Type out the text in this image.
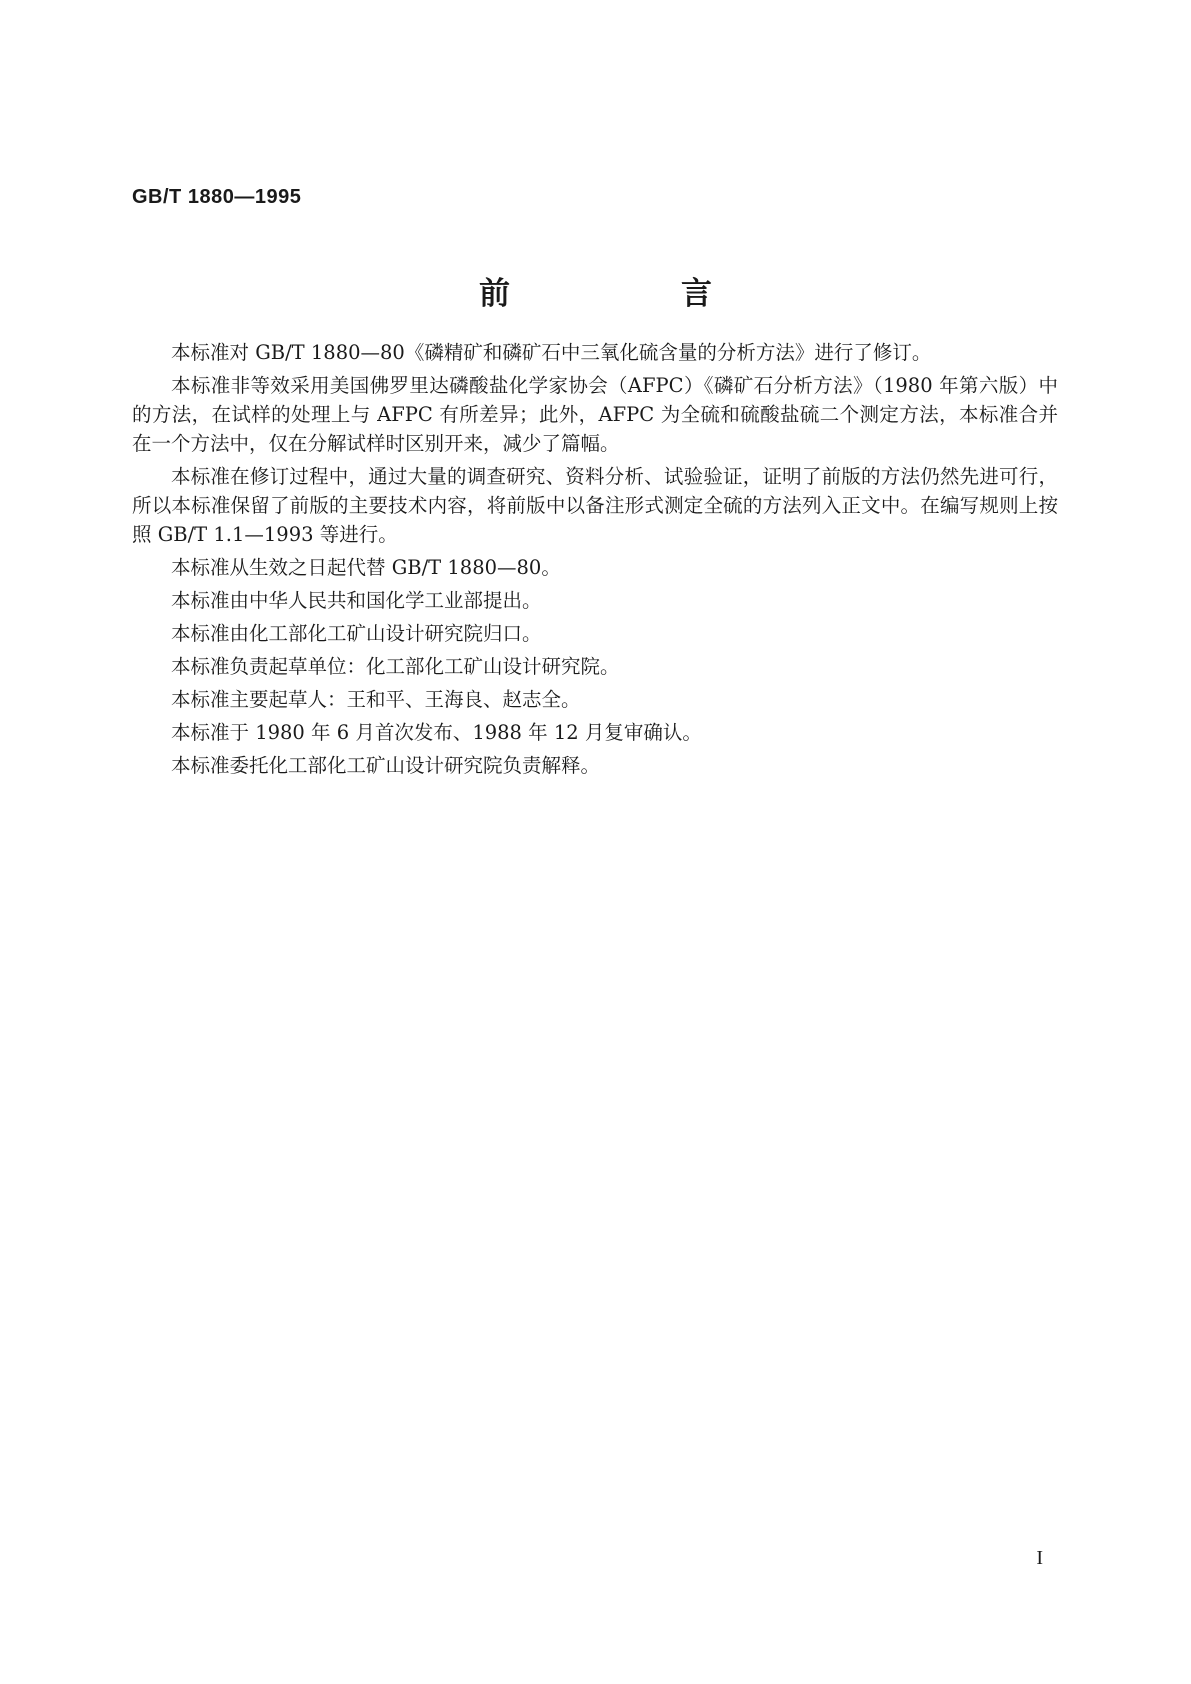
GB/T 1880—1995
前　言

本标准对 GB/T 1880—80《磷精矿和磷矿石中三氧化硫含量的分析方法》进行了修订。

本标准非等效采用美国佛罗里达磷酸盐化学家协会（AFPC）《磷矿石分析方法》（1980 年第六版）中的方法，在试样的处理上与 AFPC 有所差异；此外，AFPC 为全硫和硫酸盐硫二个测定方法，本标准合并在一个方法中，仅在分解试样时区别开来，减少了篇幅。

本标准在修订过程中，通过大量的调查研究、资料分析、试验验证，证明了前版的方法仍然先进可行，所以本标准保留了前版的主要技术内容，将前版中以备注形式测定全硫的方法列入正文中。在编写规则上按照 GB/T 1.1—1993 等进行。

本标准从生效之日起代替 GB/T 1880—80。

本标准由中华人民共和国化学工业部提出。

本标准由化工部化工矿山设计研究院归口。

本标准负责起草单位：化工部化工矿山设计研究院。

本标准主要起草人：王和平、王海良、赵志全。

本标准于 1980 年 6 月首次发布、1988 年 12 月复审确认。

本标准委托化工部化工矿山设计研究院负责解释。

I
